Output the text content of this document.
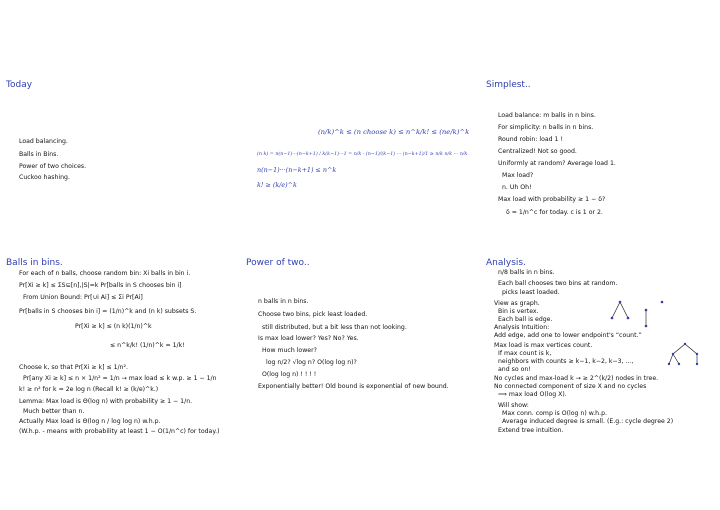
Today
Load balancing.
Balls in Bins.
Power of two choices.
Cuckoo hashing.
(n/k)^k ≤ (n choose k) ≤ n^k/k! ≤ (ne/k)^k
(n k) = n(n−1)···(n−k+1) / k(k−1)···1 = n/k · (n−1)/(k−1) ··· (n−k+1)/1 ≥ n/k n/k ··· n/k
n(n−1)···(n−k+1) ≤ n^k
k! ≥ (k/e)^k
Simplest..
Load balance: m balls in n bins.
For simplicity: n balls in n bins.
Round robin: load 1 !
Centralized! Not so good.
Uniformly at random? Average load 1.
Max load?
n. Uh Oh!
Max load with probability ≥ 1 − δ?
δ = 1/n^c for today. c is 1 or 2.
Balls in bins.
For each of n balls, choose random bin: Xi balls in bin i.
Pr[Xi ≥ k] ≤ ΣS⊆[n],|S|=k Pr[balls in S chooses bin i]
From Union Bound: Pr[∪i Ai] ≤ Σi Pr[Ai]
Pr[balls in S chooses bin i] = (1/n)^k and (n k) subsets S.
Pr[Xi ≥ k] ≤ (n k)(1/n)^k
≤ n^k/k! (1/n)^k = 1/k!
Choose k, so that Pr[Xi ≥ k] ≤ 1/n².
Pr[any Xi ≥ k] ≤ n × 1/n² = 1/n → max load ≤ k w.p. ≥ 1 − 1/n
k! ≥ n² for k = 2e log n (Recall k! ≥ (k/e)^k.)
Lemma: Max load is Θ(log n) with probability ≥ 1 − 1/n.
Much better than n.
Actually Max load is Θ(log n / log log n) w.h.p.
(W.h.p. - means with probability at least 1 − O(1/n^c) for today.)
Power of two..
n balls in n bins.
Choose two bins, pick least loaded.
still distributed, but a bit less than not looking.
Is max load lower? Yes? No? Yes.
How much lower?
log n/2? √log n? O(log log n)?
O(log log n) ! ! ! !
Exponentially better! Old bound is exponential of new bound.
Analysis.
n/8 balls in n bins.
Each ball chooses two bins at random.
picks least loaded.
View as graph.
Bin is vertex.
Each ball is edge.
Analysis Intuition:
Add edge, add one to lower endpoint's “count.”
Max load is max vertices count.
If max count is k,
neighbors with counts ≥ k−1, k−2, k−3, ...,
and so on!
No cycles and max-load k → ≥ 2^(k/2) nodes in tree.
No connected component of size X and no cycles
⟹ max load O(log X).
Will show:
Max conn. comp is O(log n) w.h.p.
Average induced degree is small. (E.g.: cycle degree 2)
Extend tree intuition.
